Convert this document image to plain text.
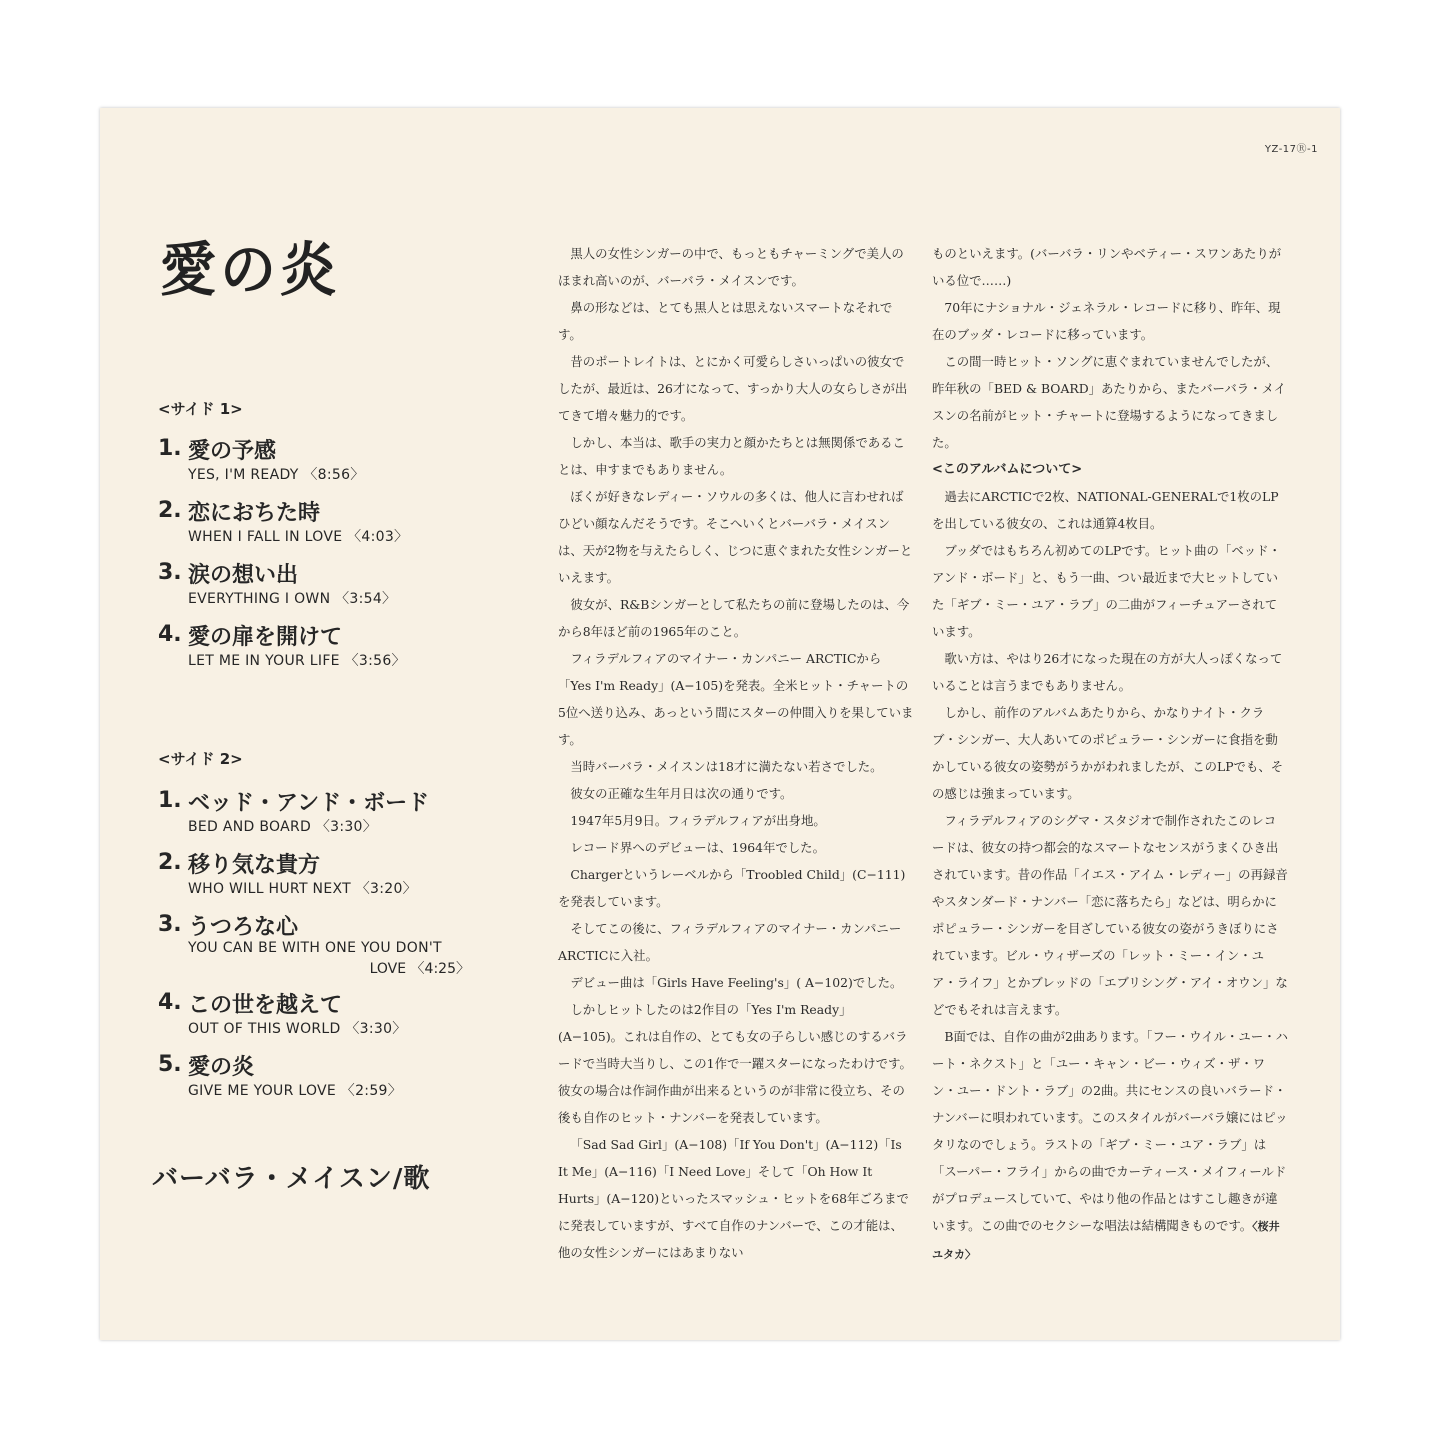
YZ-17Ⓡ-1
愛の炎
<サイド 1>
1. 愛の予感
YES, I'M READY 〈8:56〉
2. 恋におちた時
WHEN I FALL IN LOVE 〈4:03〉
3. 涙の想い出
EVERYTHING I OWN 〈3:54〉
4. 愛の扉を開けて
LET ME IN YOUR LIFE 〈3:56〉
<サイド 2>
1. ベッド・アンド・ボード
BED AND BOARD 〈3:30〉
2. 移り気な貴方
WHO WILL HURT NEXT 〈3:20〉
3. うつろな心
YOU CAN BE WITH ONE YOU DON'T
LOVE 〈4:25〉
4. この世を越えて
OUT OF THIS WORLD 〈3:30〉
5. 愛の炎
GIVE ME YOUR LOVE 〈2:59〉
バーバラ・メイスン/歌

黒人の女性シンガーの中で、もっともチャーミングで美人のほまれ高いのが、バーバラ・メイスンです。

鼻の形などは、とても黒人とは思えないスマートなそれです。

昔のポートレイトは、とにかく可愛らしさいっぱいの彼女でしたが、最近は、26才になって、すっかり大人の女らしさが出てきて増々魅力的です。

しかし、本当は、歌手の実力と顔かたちとは無関係であることは、申すまでもありません。

ぼくが好きなレディー・ソウルの多くは、他人に言わせればひどい顔なんだそうです。そこへいくとバーバラ・メイスンは、天が2物を与えたらしく、じつに恵ぐまれた女性シンガーといえます。

彼女が、R&Bシンガーとして私たちの前に登場したのは、今から8年ほど前の1965年のこと。

フィラデルフィアのマイナー・カンパニー ARCTICから「Yes I'm Ready」(A−105)を発表。全米ヒット・チャートの5位へ送り込み、あっという間にスターの仲間入りを果しています。

当時バーバラ・メイスンは18才に満たない若さでした。

彼女の正確な生年月日は次の通りです。

1947年5月9日。フィラデルフィアが出身地。

レコード界へのデビューは、1964年でした。

Chargerというレーベルから「Troobled Child」(C−111)を発表しています。

そしてこの後に、フィラデルフィアのマイナー・カンパニーARCTICに入社。

デビュー曲は「Girls Have Feeling's」( A−102)でした。

しかしヒットしたのは2作目の「Yes I'm Ready」(A−105)。これは自作の、とても女の子らしい感じのするバラードで当時大当りし、この1作で一躍スターになったわけです。彼女の場合は作詞作曲が出来るというのが非常に役立ち、その後も自作のヒット・ナンバーを発表しています。

「Sad Sad Girl」(A−108)「If You Don't」(A−112)「Is It Me」(A−116)「I Need Love」そして「Oh How It Hurts」(A−120)といったスマッシュ・ヒットを68年ごろまでに発表していますが、すべて自作のナンバーで、この才能は、他の女性シンガーにはあまりない

ものといえます。(バーバラ・リンやベティー・スワンあたりがいる位で……)

70年にナショナル・ジェネラル・レコードに移り、昨年、現在のブッダ・レコードに移っています。

この間一時ヒット・ソングに恵ぐまれていませんでしたが、昨年秋の「BED & BOARD」あたりから、またバーバラ・メイスンの名前がヒット・チャートに登場するようになってきました。

<このアルバムについて>

過去にARCTICで2枚、NATIONAL-GENERALで1枚のLPを出している彼女の、これは通算4枚目。

ブッダではもちろん初めてのLPです。ヒット曲の「ベッド・アンド・ボード」と、もう一曲、つい最近まで大ヒットしていた「ギブ・ミー・ユア・ラブ」の二曲がフィーチュアーされています。

歌い方は、やはり26才になった現在の方が大人っぽくなっていることは言うまでもありません。

しかし、前作のアルバムあたりから、かなりナイト・クラブ・シンガー、大人あいてのポピュラー・シンガーに食指を動かしている彼女の姿勢がうかがわれましたが、このLPでも、その感じは強まっています。

フィラデルフィアのシグマ・スタジオで制作されたこのレコードは、彼女の持つ都会的なスマートなセンスがうまくひき出されています。昔の作品「イエス・アイム・レディー」の再録音やスタンダード・ナンバー「恋に落ちたら」などは、明らかにポピュラー・シンガーを目ざしている彼女の姿がうきぼりにされています。ビル・ウィザーズの「レット・ミー・イン・ユア・ライフ」とかブレッドの「エブリシング・アイ・オウン」などでもそれは言えます。

B面では、自作の曲が2曲あります。「フー・ウイル・ユー・ハート・ネクスト」と「ユー・キャン・ビー・ウィズ・ザ・ワン・ユー・ドント・ラブ」の2曲。共にセンスの良いバラード・ナンバーに唄われています。このスタイルがバーバラ嬢にはピッタリなのでしょう。ラストの「ギブ・ミー・ユア・ラブ」は「スーパー・フライ」からの曲でカーティース・メイフィールドがプロデュースしていて、やはり他の作品とはすこし趣きが違います。この曲でのセクシーな唱法は結構聞きものです。〈桜井ユタカ〉
